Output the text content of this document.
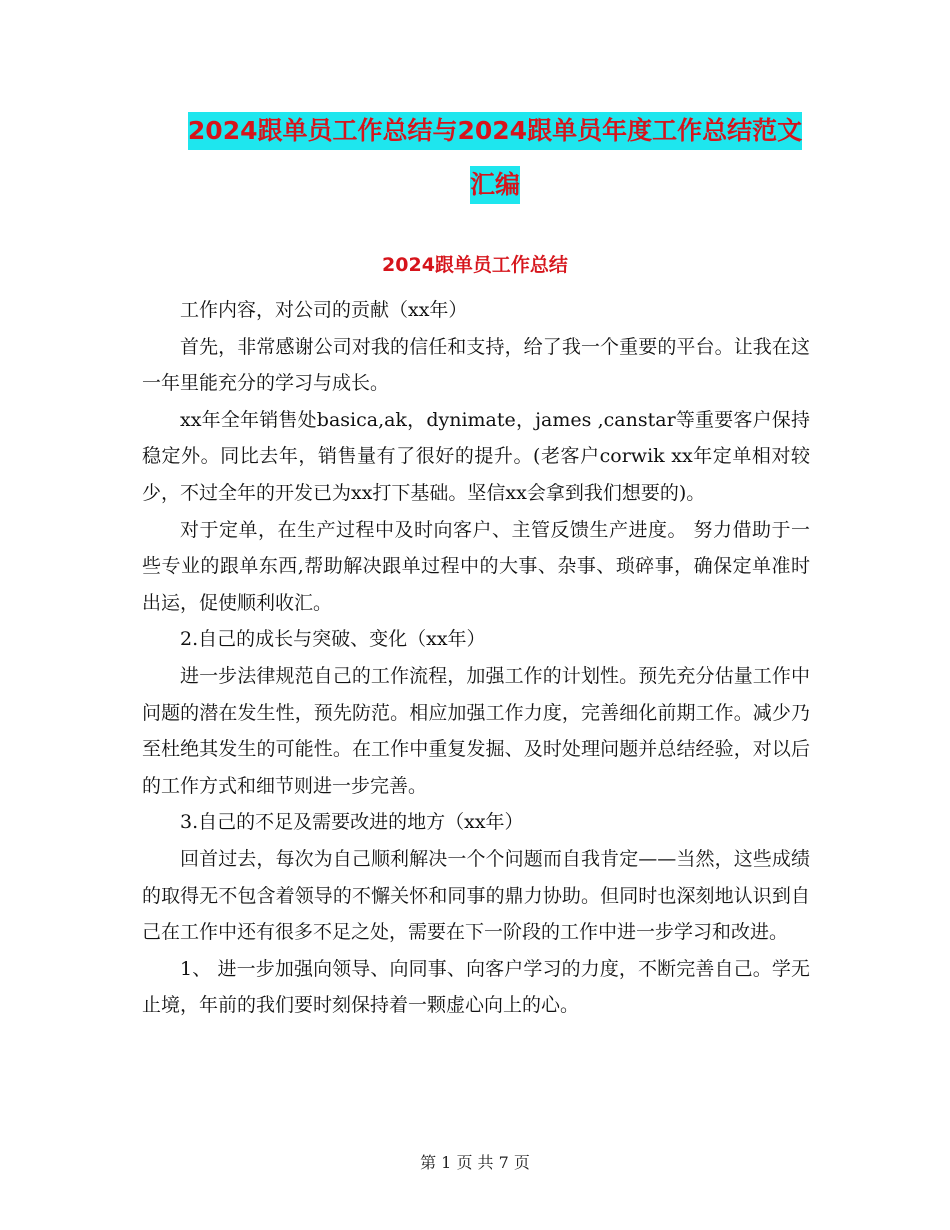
2024跟单员工作总结与2024跟单员年度工作总结范文
汇编
2024跟单员工作总结

工作内容，对公司的贡献（xx年）

首先，非常感谢公司对我的信任和支持，给了我一个重要的平台。让我在这一年里能充分的学习与成长。

xx年全年销售处basica,ak，dynimate，james ,canstar等重要客户保持稳定外。同比去年，销售量有了很好的提升。(老客户corwik xx年定单相对较少，不过全年的开发已为xx打下基础。坚信xx会拿到我们想要的)。

对于定单，在生产过程中及时向客户、主管反馈生产进度。 努力借助于一些专业的跟单东西,帮助解决跟单过程中的大事、杂事、琐碎事，确保定单准时出运，促使顺利收汇。

2.自己的成长与突破、变化（xx年）

进一步法律规范自己的工作流程，加强工作的计划性。预先充分估量工作中问题的潜在发生性，预先防范。相应加强工作力度，完善细化前期工作。减少乃至杜绝其发生的可能性。在工作中重复发掘、及时处理问题并总结经验，对以后的工作方式和细节则进一步完善。

3.自己的不足及需要改进的地方（xx年）

回首过去，每次为自己顺利解决一个个问题而自我肯定——当然，这些成绩的取得无不包含着领导的不懈关怀和同事的鼎力协助。但同时也深刻地认识到自己在工作中还有很多不足之处，需要在下一阶段的工作中进一步学习和改进。

1、 进一步加强向领导、向同事、向客户学习的力度，不断完善自己。学无止境，年前的我们要时刻保持着一颗虚心向上的心。

第 1 页 共 7 页
